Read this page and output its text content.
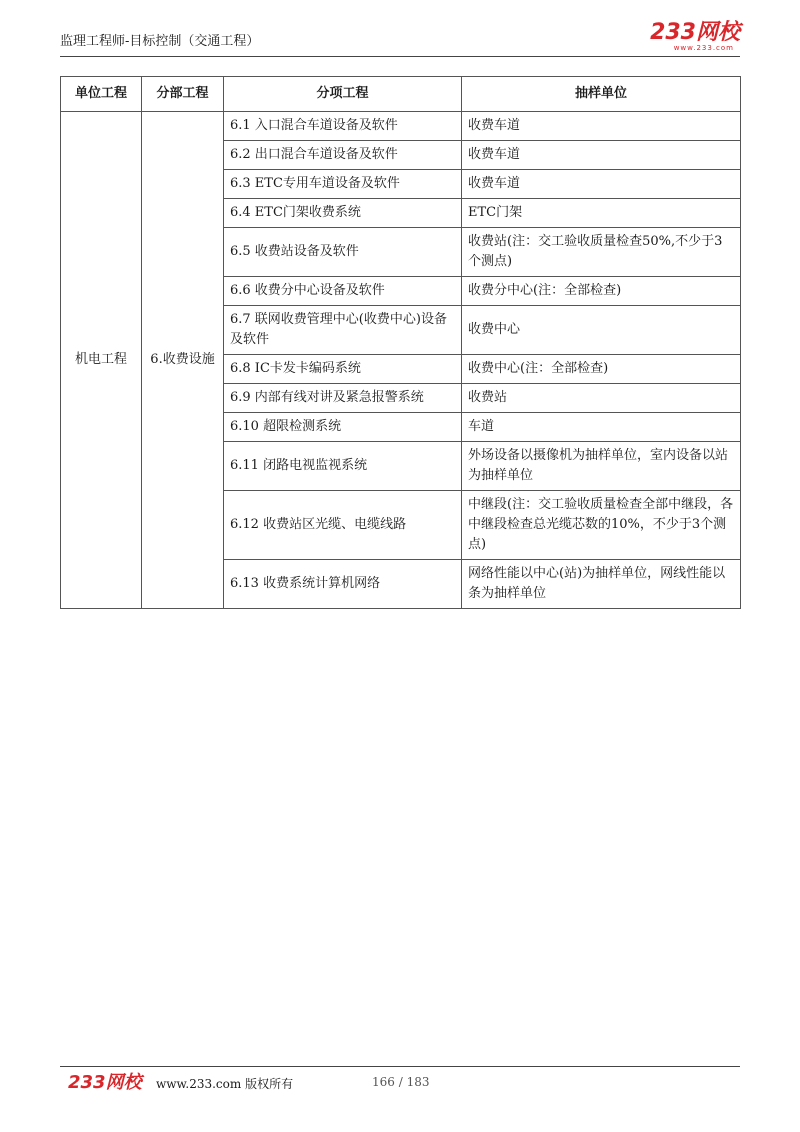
监理工程师-目标控制（交通工程）	233网校
www.233.com
单位工程	分部工程	分项工程	抽样单位
机电工程	6.收费设施	6.1 入口混合车道设备及软件	收费车道
		6.2 出口混合车道设备及软件	收费车道
		6.3 ETC专用车道设备及软件	收费车道
		6.4 ETC门架收费系统	ETC门架
		6.5 收费站设备及软件	收费站(注：交工验收质量检查50%,不少于3个测点)
		6.6 收费分中心设备及软件	收费分中心(注：全部检查)
		6.7 联网收费管理中心(收费中心)设备及软件	收费中心
		6.8 IC卡发卡编码系统	收费中心(注：全部检查)
		6.9 内部有线对讲及紧急报警系统	收费站
		6.10 超限检测系统	车道
		6.11 闭路电视监视系统	外场设备以摄像机为抽样单位，室内设备以站为抽样单位
		6.12 收费站区光缆、电缆线路	中继段(注：交工验收质量检查全部中继段，各中继段检查总光缆芯数的10%，不少于3个测点)
		6.13 收费系统计算机网络	网络性能以中心(站)为抽样单位，网线性能以条为抽样单位
233网校 www.233.com 版权所有	166 / 183
